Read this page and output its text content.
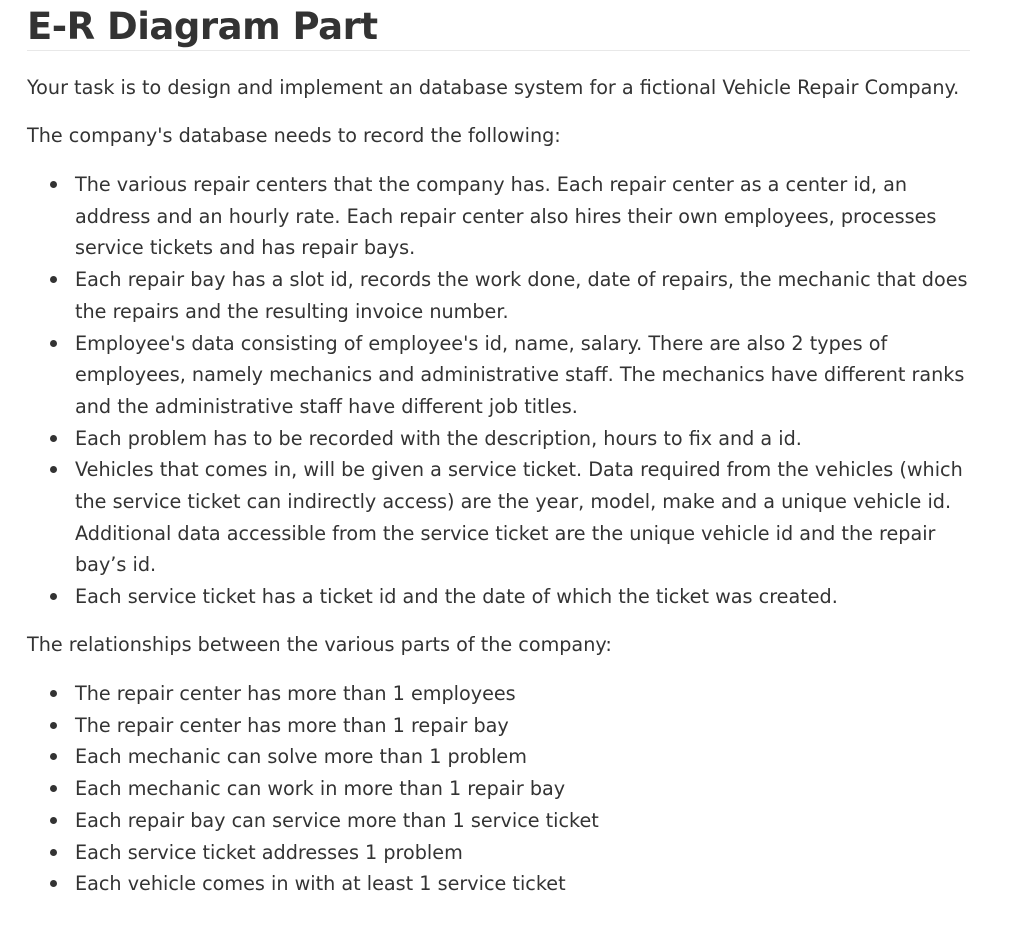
E-R Diagram Part

Your task is to design and implement an database system for a fictional Vehicle Repair Company.

The company's database needs to record the following:

The various repair centers that the company has. Each repair center as a center id, an
address and an hourly rate. Each repair center also hires their own employees, processes
service tickets and has repair bays.
Each repair bay has a slot id, records the work done, date of repairs, the mechanic that does
the repairs and the resulting invoice number.
Employee's data consisting of employee's id, name, salary. There are also 2 types of
employees, namely mechanics and administrative staff. The mechanics have different ranks
and the administrative staff have different job titles.
Each problem has to be recorded with the description, hours to fix and a id.
Vehicles that comes in, will be given a service ticket. Data required from the vehicles (which
the service ticket can indirectly access) are the year, model, make and a unique vehicle id.
Additional data accessible from the service ticket are the unique vehicle id and the repair
bay’s id.
Each service ticket has a ticket id and the date of which the ticket was created.

The relationships between the various parts of the company:

The repair center has more than 1 employees
The repair center has more than 1 repair bay
Each mechanic can solve more than 1 problem
Each mechanic can work in more than 1 repair bay
Each repair bay can service more than 1 service ticket
Each service ticket addresses 1 problem
Each vehicle comes in with at least 1 service ticket
